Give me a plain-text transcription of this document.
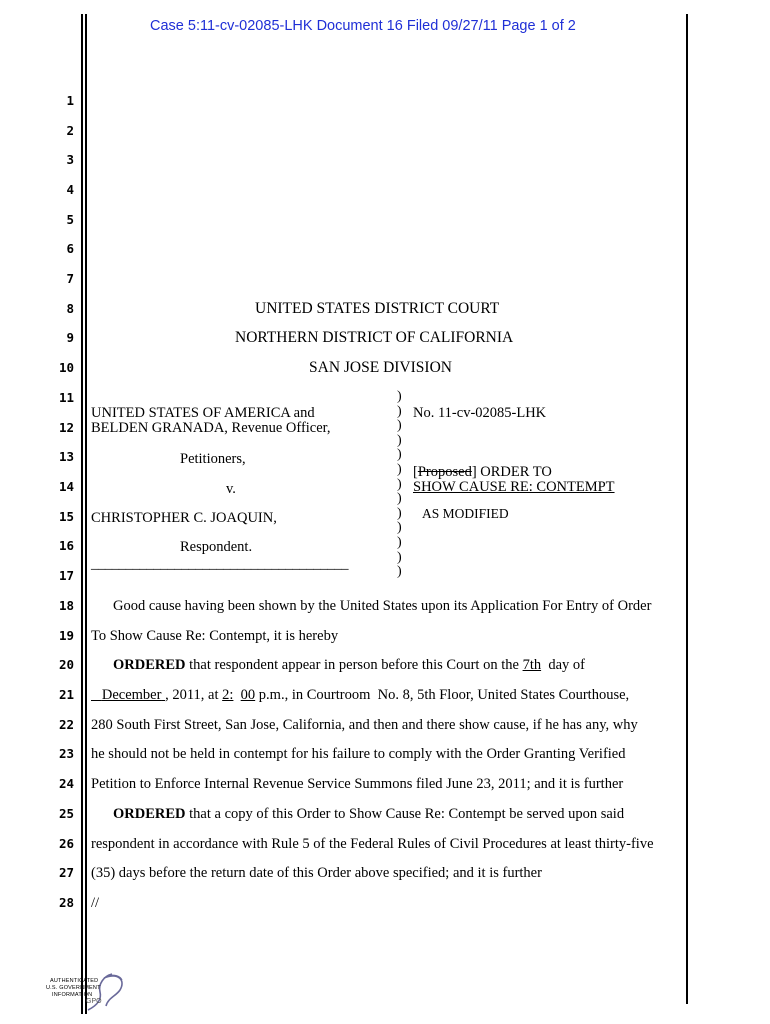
Case 5:11-cv-02085-LHK Document 16 Filed 09/27/11 Page 1 of 2
1
2
3
4
5
6
7
8
9
10
11
12
13
14
15
16
17
18
19
20
21
22
23
24
25
26
27
28
UNITED STATES DISTRICT COURT
NORTHERN DISTRICT OF CALIFORNIA
SAN JOSE DIVISION
UNITED STATES OF AMERICA and
BELDEN GRANADA, Revenue Officer,
Petitioners,
v.
CHRISTOPHER C. JOAQUIN,
Respondent.
_____________________________________
)
)
)
)
)
)
)
)
)
)
)
)
)
No. 11-cv-02085-LHK
[Proposed] ORDER TO
SHOW CAUSE RE: CONTEMPT
AS MODIFIED
Good cause having been shown by the United States upon its Application For Entry of Order
To Show Cause Re: Contempt, it is hereby
ORDERED that respondent appear in person before this Court on the 7th  day of
December , 2011, at 2: 00 p.m., in Courtroom  No. 8, 5th Floor, United States Courthouse,
280 South First Street, San Jose, California, and then and there show cause, if he has any, why
he should not be held in contempt for his failure to comply with the Order Granting Verified
Petition to Enforce Internal Revenue Service Summons filed June 23, 2011; and it is further
ORDERED that a copy of this Order to Show Cause Re: Contempt be served upon said
respondent in accordance with Rule 5 of the Federal Rules of Civil Procedures at least thirty-five
(35) days before the return date of this Order above specified; and it is further
//
AUTHENTICATED
U.S. GOVERNMENT
INFORMATION
GPO
